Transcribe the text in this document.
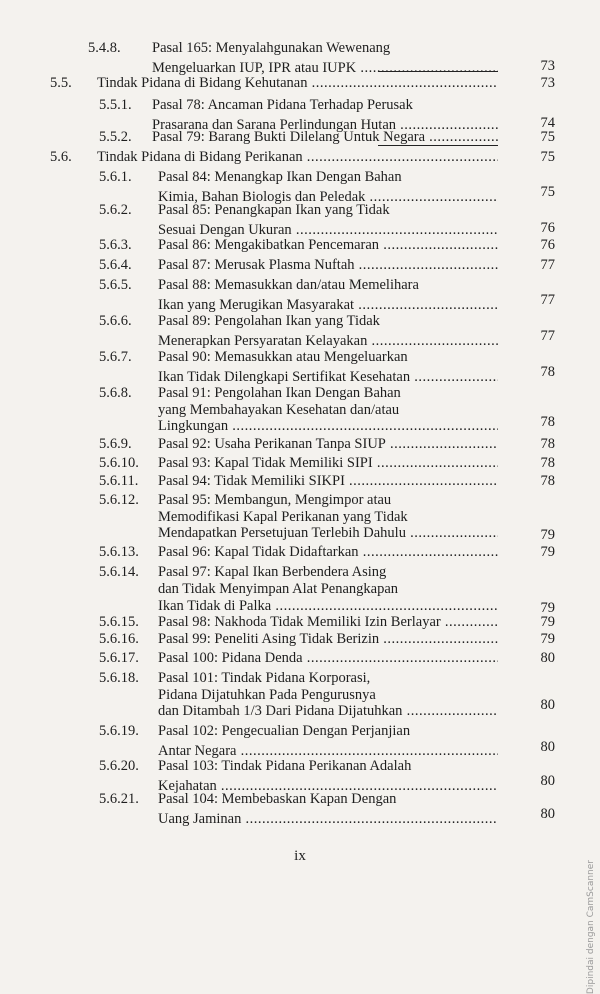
5.4.8. Pasal 165: Menyalahgunakan Wewenang
Mengeluarkan IUP, IPR atau IUPK .....	73
5.5. Tindak Pidana di Bidang Kehutanan .....	73
5.5.1. Pasal 78: Ancaman Pidana Terhadap Perusak
Prasarana dan Sarana Perlindungan Hutan .....	74
5.5.2. Pasal 79: Barang Bukti Dilelang Untuk Negara .....	75
5.6. Tindak Pidana di Bidang Perikanan .....	75
5.6.1. Pasal 84: Menangkap Ikan Dengan Bahan
Kimia, Bahan Biologis dan Peledak .....	75
5.6.2. Pasal 85: Penangkapan Ikan yang Tidak
Sesuai Dengan Ukuran .....	76
5.6.3. Pasal 86: Mengakibatkan Pencemaran .....	76
5.6.4. Pasal 87: Merusak Plasma Nuftah .....	77
5.6.5. Pasal 88: Memasukkan dan/atau Memelihara
Ikan yang Merugikan Masyarakat .....	77
5.6.6. Pasal 89: Pengolahan Ikan yang Tidak
Menerapkan Persyaratan Kelayakan .....	77
5.6.7. Pasal 90: Memasukkan atau Mengeluarkan
Ikan Tidak Dilengkapi Sertifikat Kesehatan .....	78
5.6.8. Pasal 91: Pengolahan Ikan Dengan Bahan
yang Membahayakan Kesehatan dan/atau
Lingkungan .....	78
5.6.9. Pasal 92: Usaha Perikanan Tanpa SIUP .....	78
5.6.10. Pasal 93: Kapal Tidak Memiliki SIPI .....	78
5.6.11. Pasal 94: Tidak Memiliki SIKPI .....	78
5.6.12. Pasal 95: Membangun, Mengimpor atau
Memodifikasi Kapal Perikanan yang Tidak
Mendapatkan Persetujuan Terlebih Dahulu .....	79
5.6.13. Pasal 96: Kapal Tidak Didaftarkan .....	79
5.6.14. Pasal 97: Kapal Ikan Berbendera Asing
dan Tidak Menyimpan Alat Penangkapan
Ikan Tidak di Palka .....	79
5.6.15. Pasal 98: Nakhoda Tidak Memiliki Izin Berlayar .....	79
5.6.16. Pasal 99: Peneliti Asing Tidak Berizin .....	79
5.6.17. Pasal 100: Pidana Denda .....	80
5.6.18. Pasal 101: Tindak Pidana Korporasi,
Pidana Dijatuhkan Pada Pengurusnya
dan Ditambah 1/3 Dari Pidana Dijatuhkan .....	80
5.6.19. Pasal 102: Pengecualian Dengan Perjanjian
Antar Negara .....	80
5.6.20. Pasal 103: Tindak Pidana Perikanan Adalah
Kejahatan .....	80
5.6.21. Pasal 104: Membebaskan Kapan Dengan
Uang Jaminan .....	80
ix
Dipindai dengan CamScanner
